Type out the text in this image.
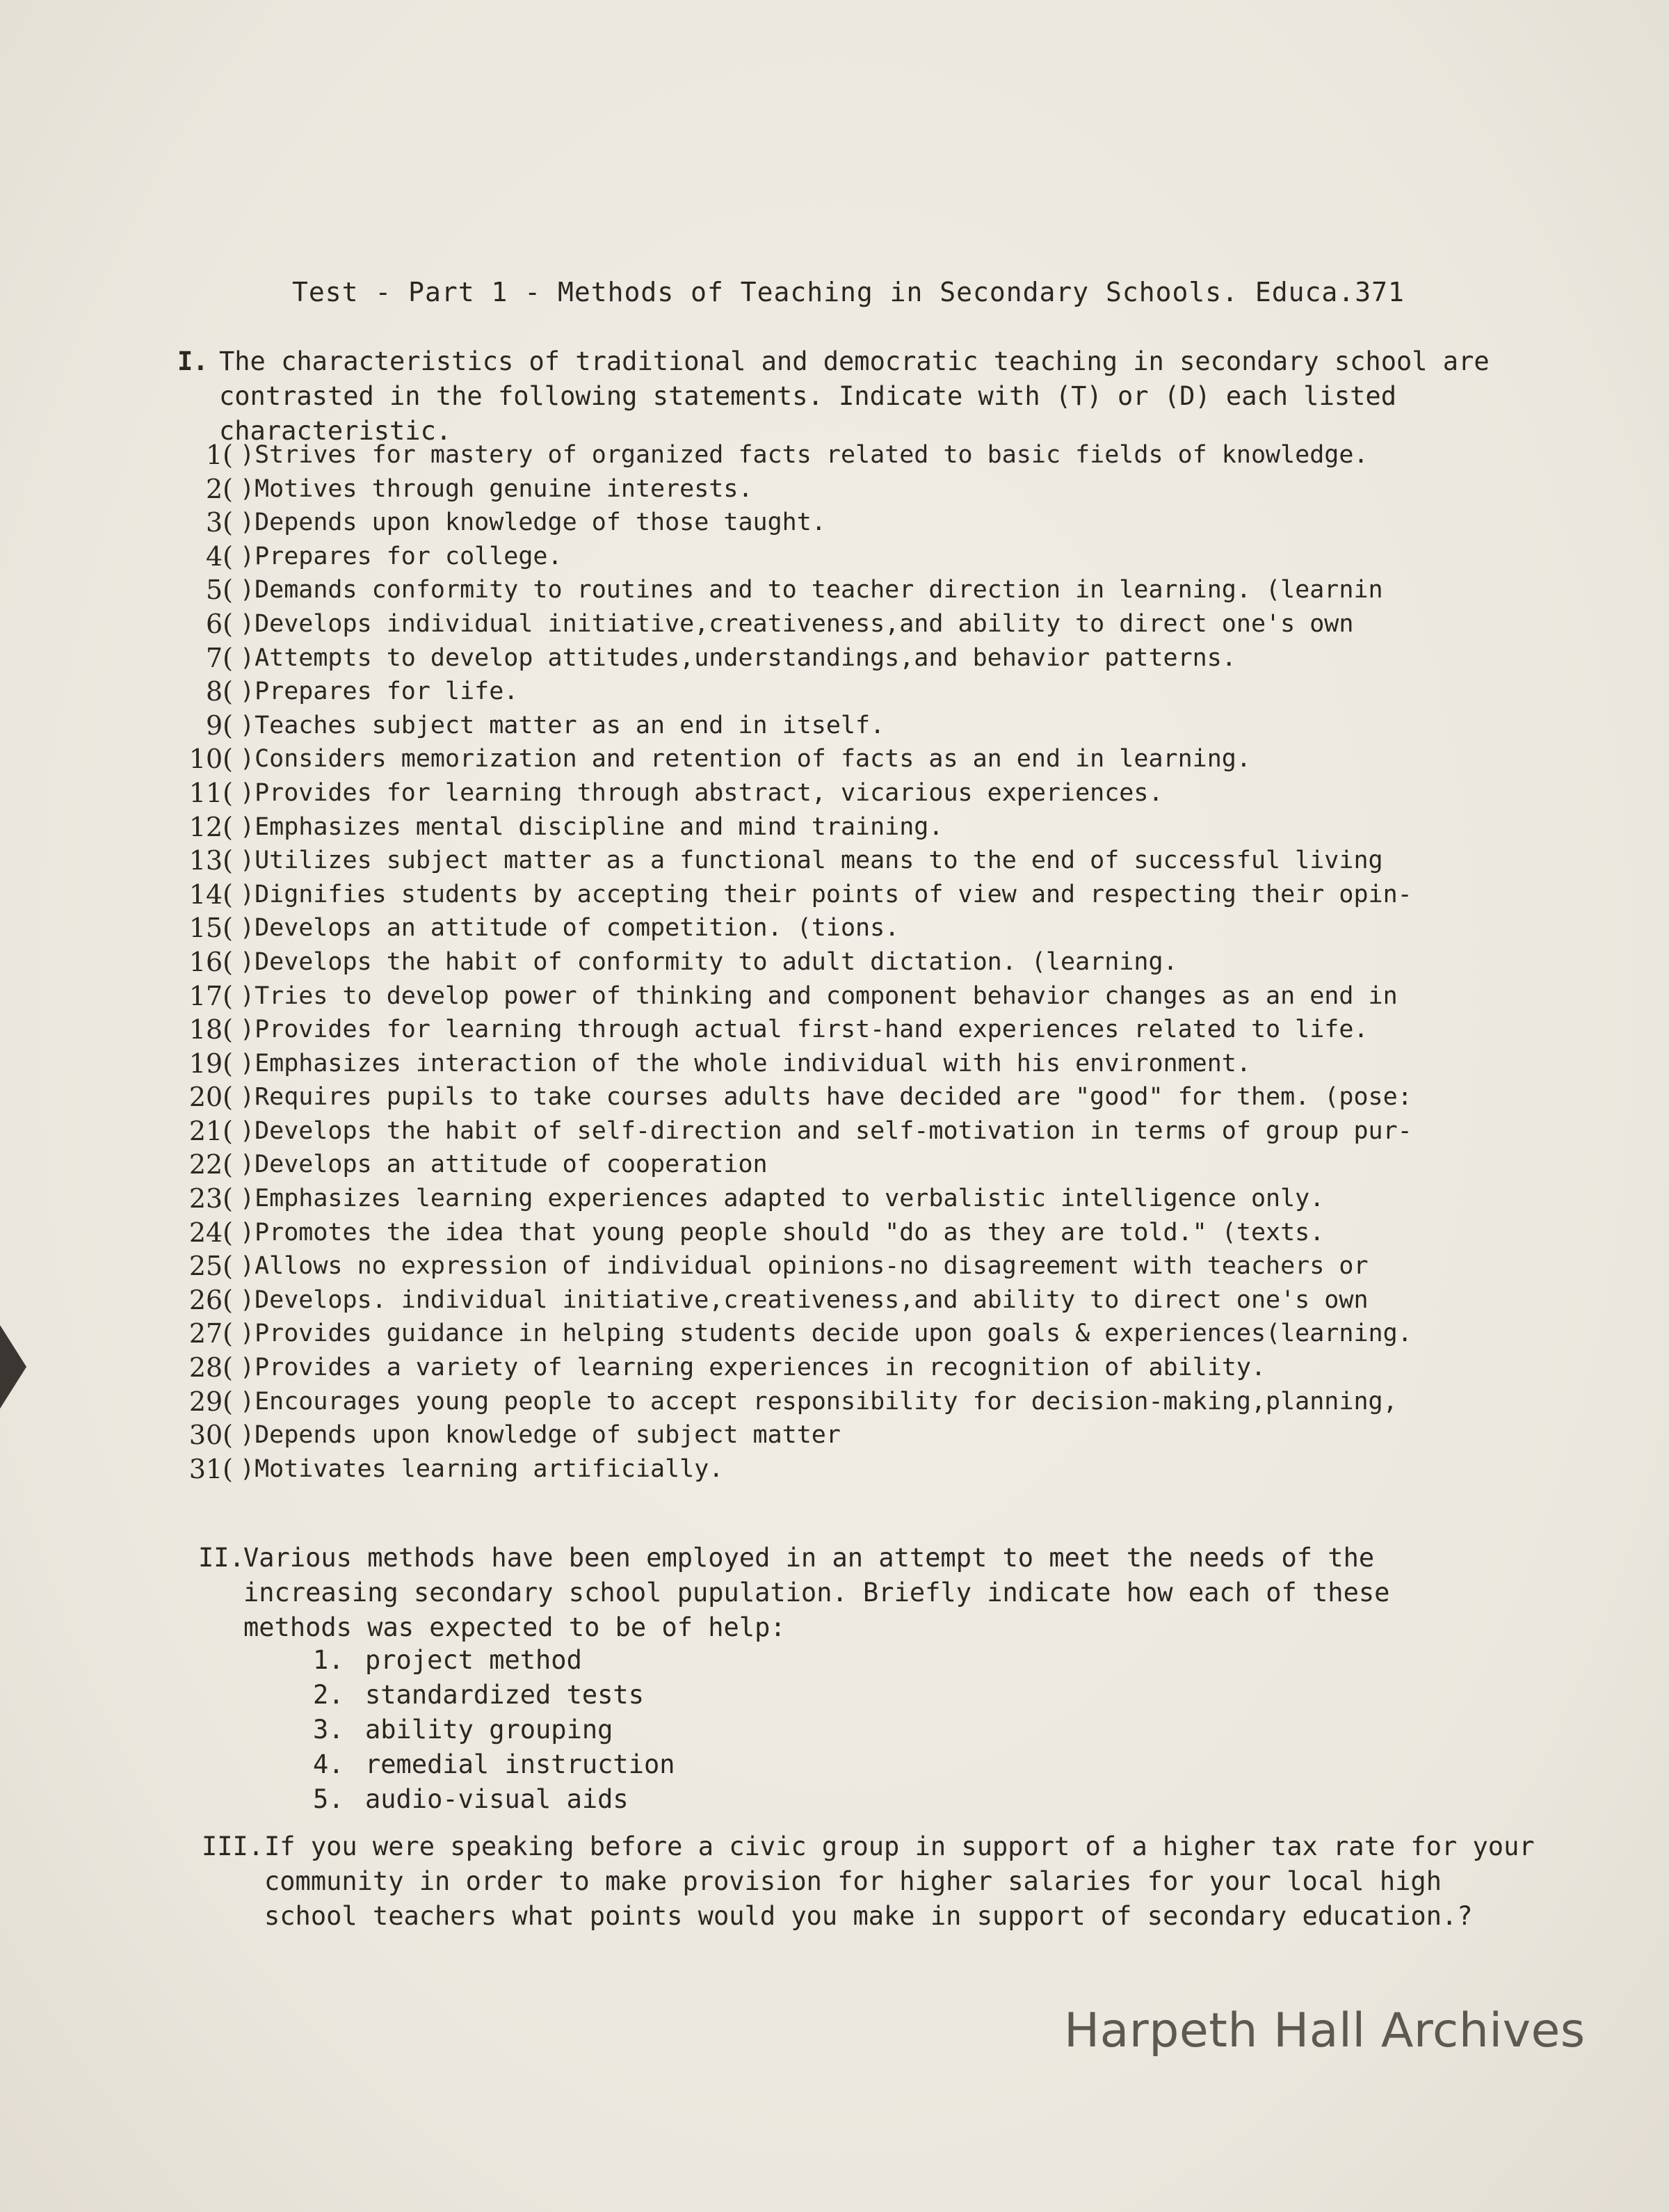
Test - Part 1 - Methods of Teaching in Secondary Schools. Educa.371
I. The characteristics of traditional and democratic teaching in secondary school are contrasted in the following statements. Indicate with (T) or (D) each listed characteristic.
1( )Strives for mastery of organized facts related to basic fields of knowledge.
2( )Motives through genuine interests.
3( )Depends upon knowledge of those taught.
4( )Prepares for college.
5( )Demands conformity to routines and to teacher direction in learning. (learnin
6( )Develops individual initiative,creativeness,and ability to direct one's own
7( )Attempts to develop attitudes,understandings,and behavior patterns.
8( )Prepares for life.
9( )Teaches subject matter as an end in itself.
10( )Considers memorization and retention of facts as an end in learning.
11( )Provides for learning through abstract, vicarious experiences.
12( )Emphasizes mental discipline and mind training.
13( )Utilizes subject matter as a functional means to the end of successful living
14( )Dignifies students by accepting their points of view and respecting their opin-
15( )Develops an attitude of competition. (tions.
16( )Develops the habit of conformity to adult dictation. (learning.
17( )Tries to develop power of thinking and component behavior changes as an end in
18( )Provides for learning through actual first-hand experiences related to life.
19( )Emphasizes interaction of the whole individual with his environment.
20( )Requires pupils to take courses adults have decided are "good" for them. (pose:
21( )Develops the habit of self-direction and self-motivation in terms of group pur-
22( )Develops an attitude of cooperation
23( )Emphasizes learning experiences adapted to verbalistic intelligence only.
24( )Promotes the idea that young people should "do as they are told." (texts.
25( )Allows no expression of individual opinions-no disagreement with teachers or
26( )Develops. individual initiative,creativeness,and ability to direct one's own
27( )Provides guidance in helping students decide upon goals & experiences(learning.
28( )Provides a variety of learning experiences in recognition of ability.
29( )Encourages young people to accept responsibility for decision-making,planning,
30( )Depends upon knowledge of subject matter
31( )Motivates learning artificially.
II.Various methods have been employed in an attempt to meet the needs of the increasing secondary school pupulation. Briefly indicate how each of these methods was expected to be of help:
1. project method
2. standardized tests
3. ability grouping
4. remedial instruction
5. audio-visual aids
III.If you were speaking before a civic group in support of a higher tax rate for your community in order to make provision for higher salaries for your local high school teachers what points would you make in support of secondary education.?
Harpeth Hall Archives
